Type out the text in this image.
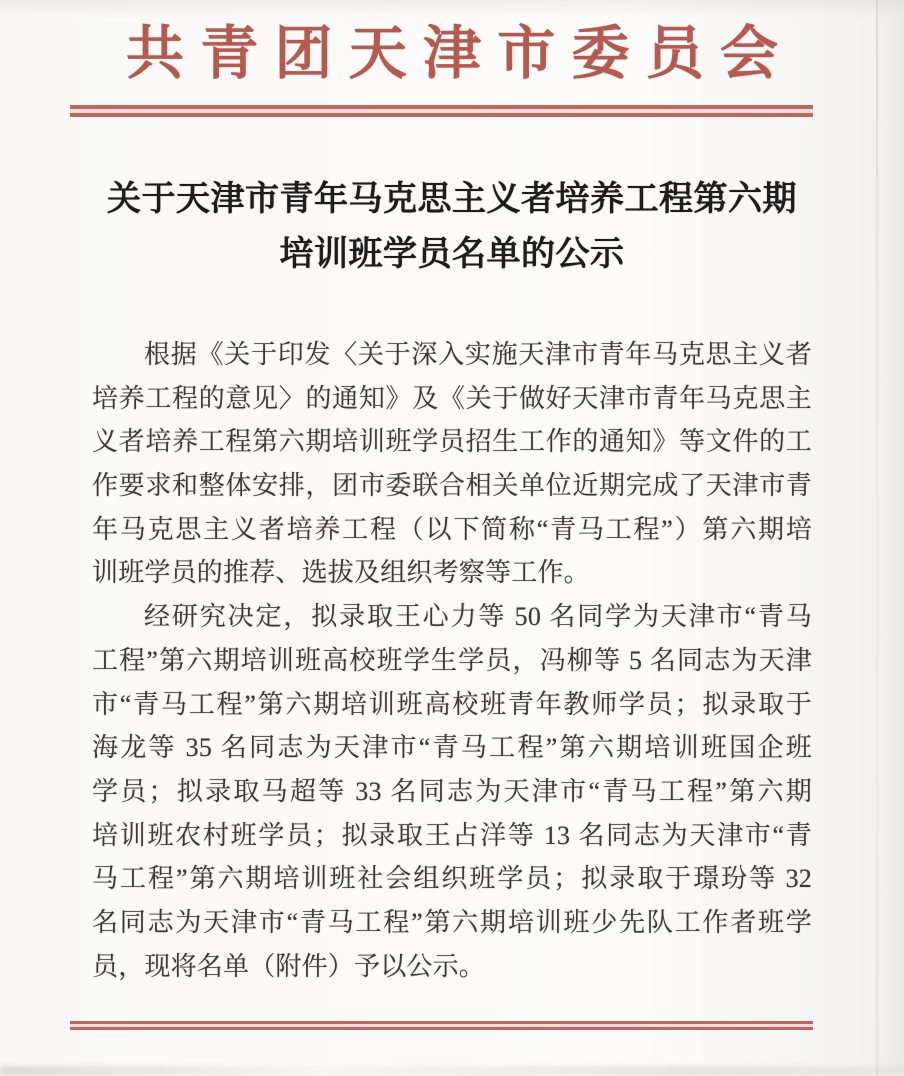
共青团天津市委员会
关于天津市青年马克思主义者培养工程第六期
培训班学员名单的公示
根据《关于印发〈关于深入实施天津市青年马克思主义者
培养工程的意见〉的通知》及《关于做好天津市青年马克思主
义者培养工程第六期培训班学员招生工作的通知》等文件的工
作要求和整体安排，团市委联合相关单位近期完成了天津市青
年马克思主义者培养工程（以下简称“青马工程”）第六期培
训班学员的推荐、选拔及组织考察等工作。
经研究决定，拟录取王心力等 50 名同学为天津市“青马
工程”第六期培训班高校班学生学员，冯柳等 5 名同志为天津
市“青马工程”第六期培训班高校班青年教师学员；拟录取于
海龙等 35 名同志为天津市“青马工程”第六期培训班国企班
学员；拟录取马超等 33 名同志为天津市“青马工程”第六期
培训班农村班学员；拟录取王占洋等 13 名同志为天津市“青
马工程”第六期培训班社会组织班学员；拟录取于璟玢等 32
名同志为天津市“青马工程”第六期培训班少先队工作者班学
员，现将名单（附件）予以公示。
